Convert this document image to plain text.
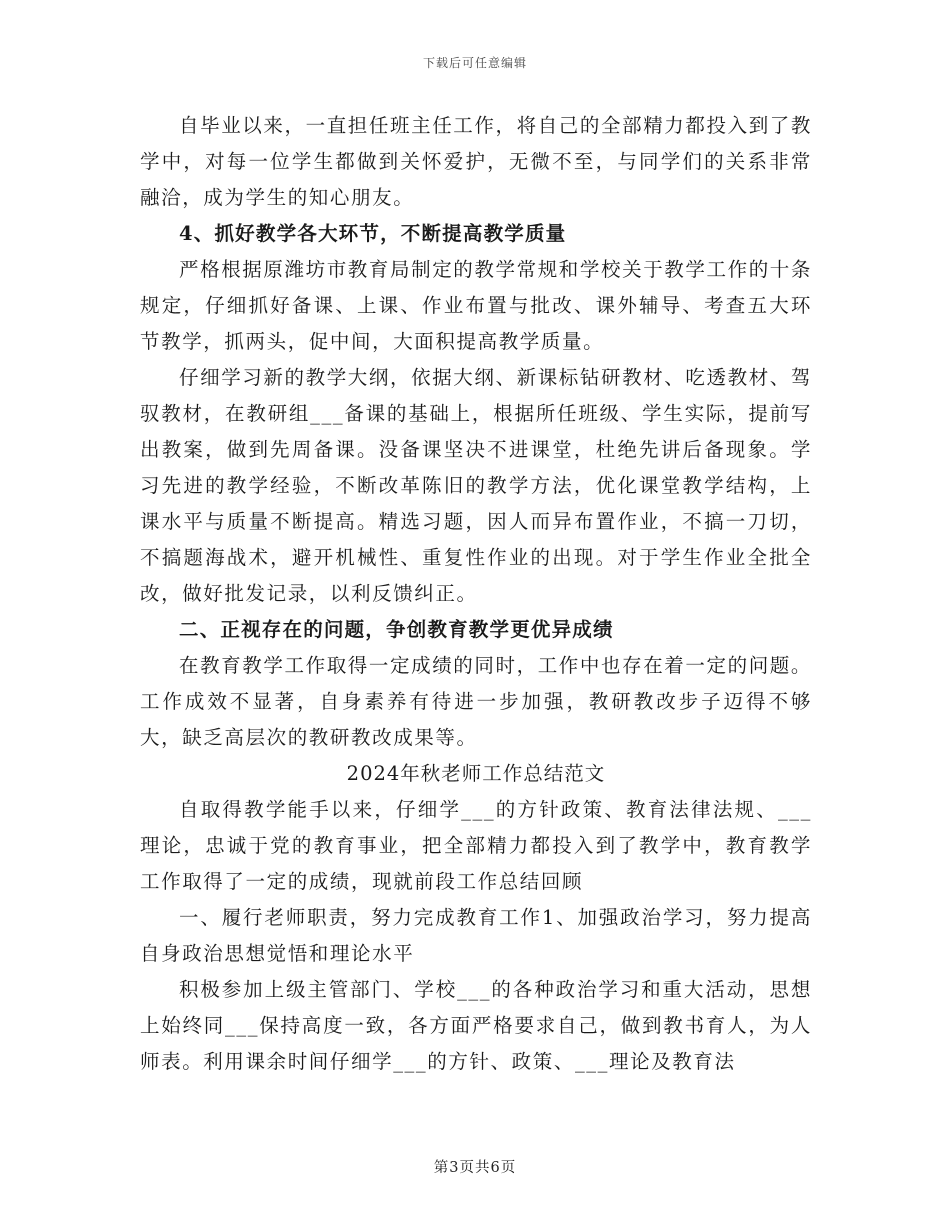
下载后可任意编辑

自毕业以来，一直担任班主任工作，将自己的全部精力都投入到了教学中，对每一位学生都做到关怀爱护，无微不至，与同学们的关系非常融洽，成为学生的知心朋友。

4、抓好教学各大环节，不断提高教学质量

严格根据原潍坊市教育局制定的教学常规和学校关于教学工作的十条规定，仔细抓好备课、上课、作业布置与批改、课外辅导、考查五大环节教学，抓两头，促中间，大面积提高教学质量。

仔细学习新的教学大纲，依据大纲、新课标钻研教材、吃透教材、驾驭教材，在教研组___备课的基础上，根据所任班级、学生实际，提前写出教案，做到先周备课。没备课坚决不进课堂，杜绝先讲后备现象。学习先进的教学经验，不断改革陈旧的教学方法，优化课堂教学结构，上课水平与质量不断提高。精选习题，因人而异布置作业，不搞一刀切，不搞题海战术，避开机械性、重复性作业的出现。对于学生作业全批全改，做好批发记录，以利反馈纠正。

二、正视存在的问题，争创教育教学更优异成绩

在教育教学工作取得一定成绩的同时，工作中也存在着一定的问题。工作成效不显著，自身素养有待进一步加强，教研教改步子迈得不够大，缺乏高层次的教研教改成果等。

2024年秋老师工作总结范文

自取得教学能手以来，仔细学___的方针政策、教育法律法规、___理论，忠诚于党的教育事业，把全部精力都投入到了教学中，教育教学工作取得了一定的成绩，现就前段工作总结回顾

一、履行老师职责，努力完成教育工作1、加强政治学习，努力提高自身政治思想觉悟和理论水平

积极参加上级主管部门、学校___的各种政治学习和重大活动，思想上始终同___保持高度一致，各方面严格要求自己，做到教书育人，为人师表。利用课余时间仔细学___的方针、政策、___理论及教育法

第3页共6页
